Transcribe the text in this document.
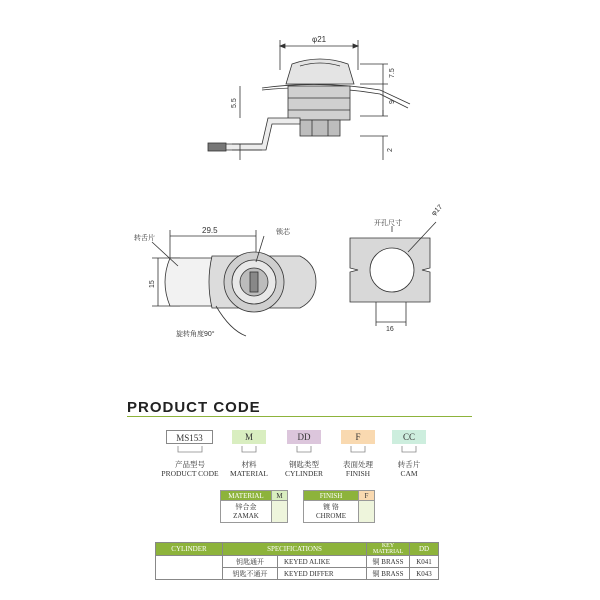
φ21
7.5
9
2
5.5
29.5
15
转舌片
锁芯
旋转角度90°
开孔尺寸
φ17
16
PRODUCT CODE
MS153	M	DD	F	CC
产品型号
PRODUCT CODE
材料
MATERIAL
钢匙类型
CYLINDER
表面处理
FINISH
转舌片
CAM
MATERIAL	M
锌合金
ZAMAK	
FINISH	F
镀 铬
CHROME	
CYLINDER	SPECIFICATIONS		KEY MATERIAL	DD
	钥匙通开	KEYED ALIKE	铜 BRASS	K041
	钥匙不通开	KEYED DIFFER	铜 BRASS	K043
